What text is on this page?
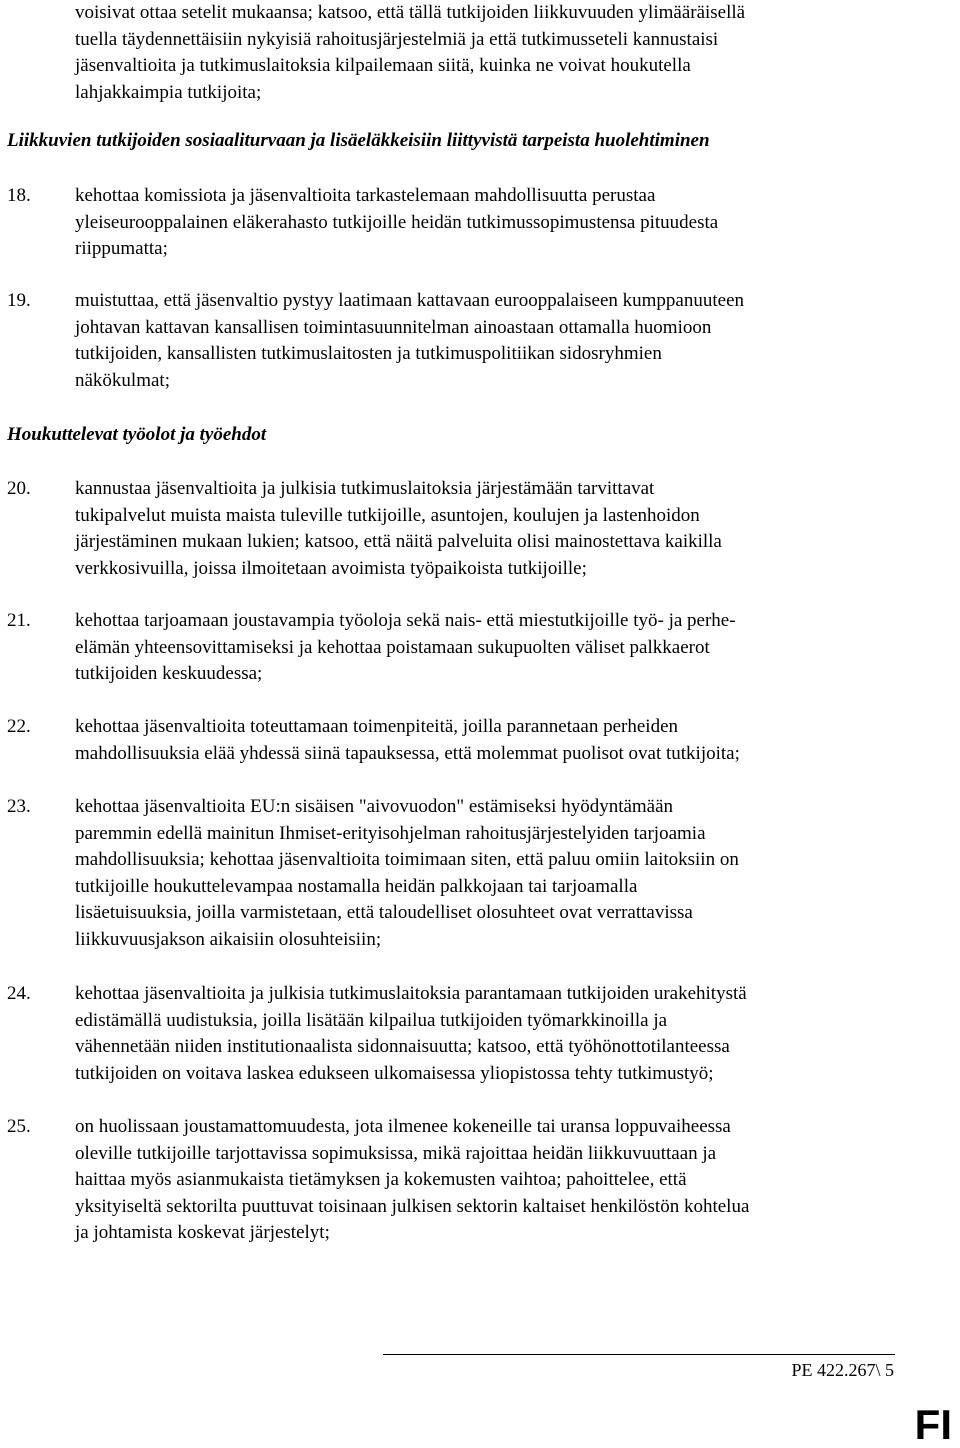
voisivat ottaa setelit mukaansa; katsoo, että tällä tutkijoiden liikkuvuuden ylimääräisellä
tuella täydennettäisiin nykyisiä rahoitusjärjestelmiä ja että tutkimusseteli kannustaisi
jäsenvaltioita ja tutkimuslaitoksia kilpailemaan siitä, kuinka ne voivat houkutella
lahjakkaimpia tutkijoita;
Liikkuvien tutkijoiden sosiaaliturvaan ja lisäeläkkeisiin liittyvistä tarpeista huolehtiminen
18.	kehottaa komissiota ja jäsenvaltioita tarkastelemaan mahdollisuutta perustaa
yleiseurooppalainen eläkerahasto tutkijoille heidän tutkimussopimustensa pituudesta
riippumatta;
19.	muistuttaa, että jäsenvaltio pystyy laatimaan kattavaan eurooppalaiseen kumppanuuteen
johtavan kattavan kansallisen toimintasuunnitelman ainoastaan ottamalla huomioon
tutkijoiden, kansallisten tutkimuslaitosten ja tutkimuspolitiikan sidosryhmien
näkökulmat;
Houkuttelevat työolot ja työehdot
20.	kannustaa jäsenvaltioita ja julkisia tutkimuslaitoksia järjestämään tarvittavat
tukipalvelut muista maista tuleville tutkijoille, asuntojen, koulujen ja lastenhoidon
järjestäminen mukaan lukien; katsoo, että näitä palveluita olisi mainostettava kaikilla
verkkosivuilla, joissa ilmoitetaan avoimista työpaikoista tutkijoille;
21.	kehottaa tarjoamaan joustavampia työoloja sekä nais- että miestutkijoille työ- ja perhe-
elämän yhteensovittamiseksi ja kehottaa poistamaan sukupuolten väliset palkkaerot
tutkijoiden keskuudessa;
22.	kehottaa jäsenvaltioita toteuttamaan toimenpiteitä, joilla parannetaan perheiden
mahdollisuuksia elää yhdessä siinä tapauksessa, että molemmat puolisot ovat tutkijoita;
23.	kehottaa jäsenvaltioita EU:n sisäisen "aivovuodon" estämiseksi hyödyntämään
paremmin edellä mainitun Ihmiset-erityisohjelman rahoitusjärjestelyiden tarjoamia
mahdollisuuksia; kehottaa jäsenvaltioita toimimaan siten, että paluu omiin laitoksiin on
tutkijoille houkuttelevampaa nostamalla heidän palkkojaan tai tarjoamalla
lisäetuisuuksia, joilla varmistetaan, että taloudelliset olosuhteet ovat verrattavissa
liikkuvuusjakson aikaisiin olosuhteisiin;
24.	kehottaa jäsenvaltioita ja julkisia tutkimuslaitoksia parantamaan tutkijoiden urakehitystä
edistämällä uudistuksia, joilla lisätään kilpailua tutkijoiden työmarkkinoilla ja
vähennetään niiden institutionaalista sidonnaisuutta; katsoo, että työhönottotilanteessa
tutkijoiden on voitava laskea edukseen ulkomaisessa yliopistossa tehty tutkimustyö;
25.	on huolissaan joustamattomuudesta, jota ilmenee kokeneille tai uransa loppuvaiheessa
oleville tutkijoille tarjottavissa sopimuksissa, mikä rajoittaa heidän liikkuvuuttaan ja
haittaa myös asianmukaista tietämyksen ja kokemusten vaihtoa; pahoittelee, että
yksityiseltä sektorilta puuttuvat toisinaan julkisen sektorin kaltaiset henkilöstön kohtelua
ja johtamista koskevat järjestelyt;
PE 422.267\ 5
FI
